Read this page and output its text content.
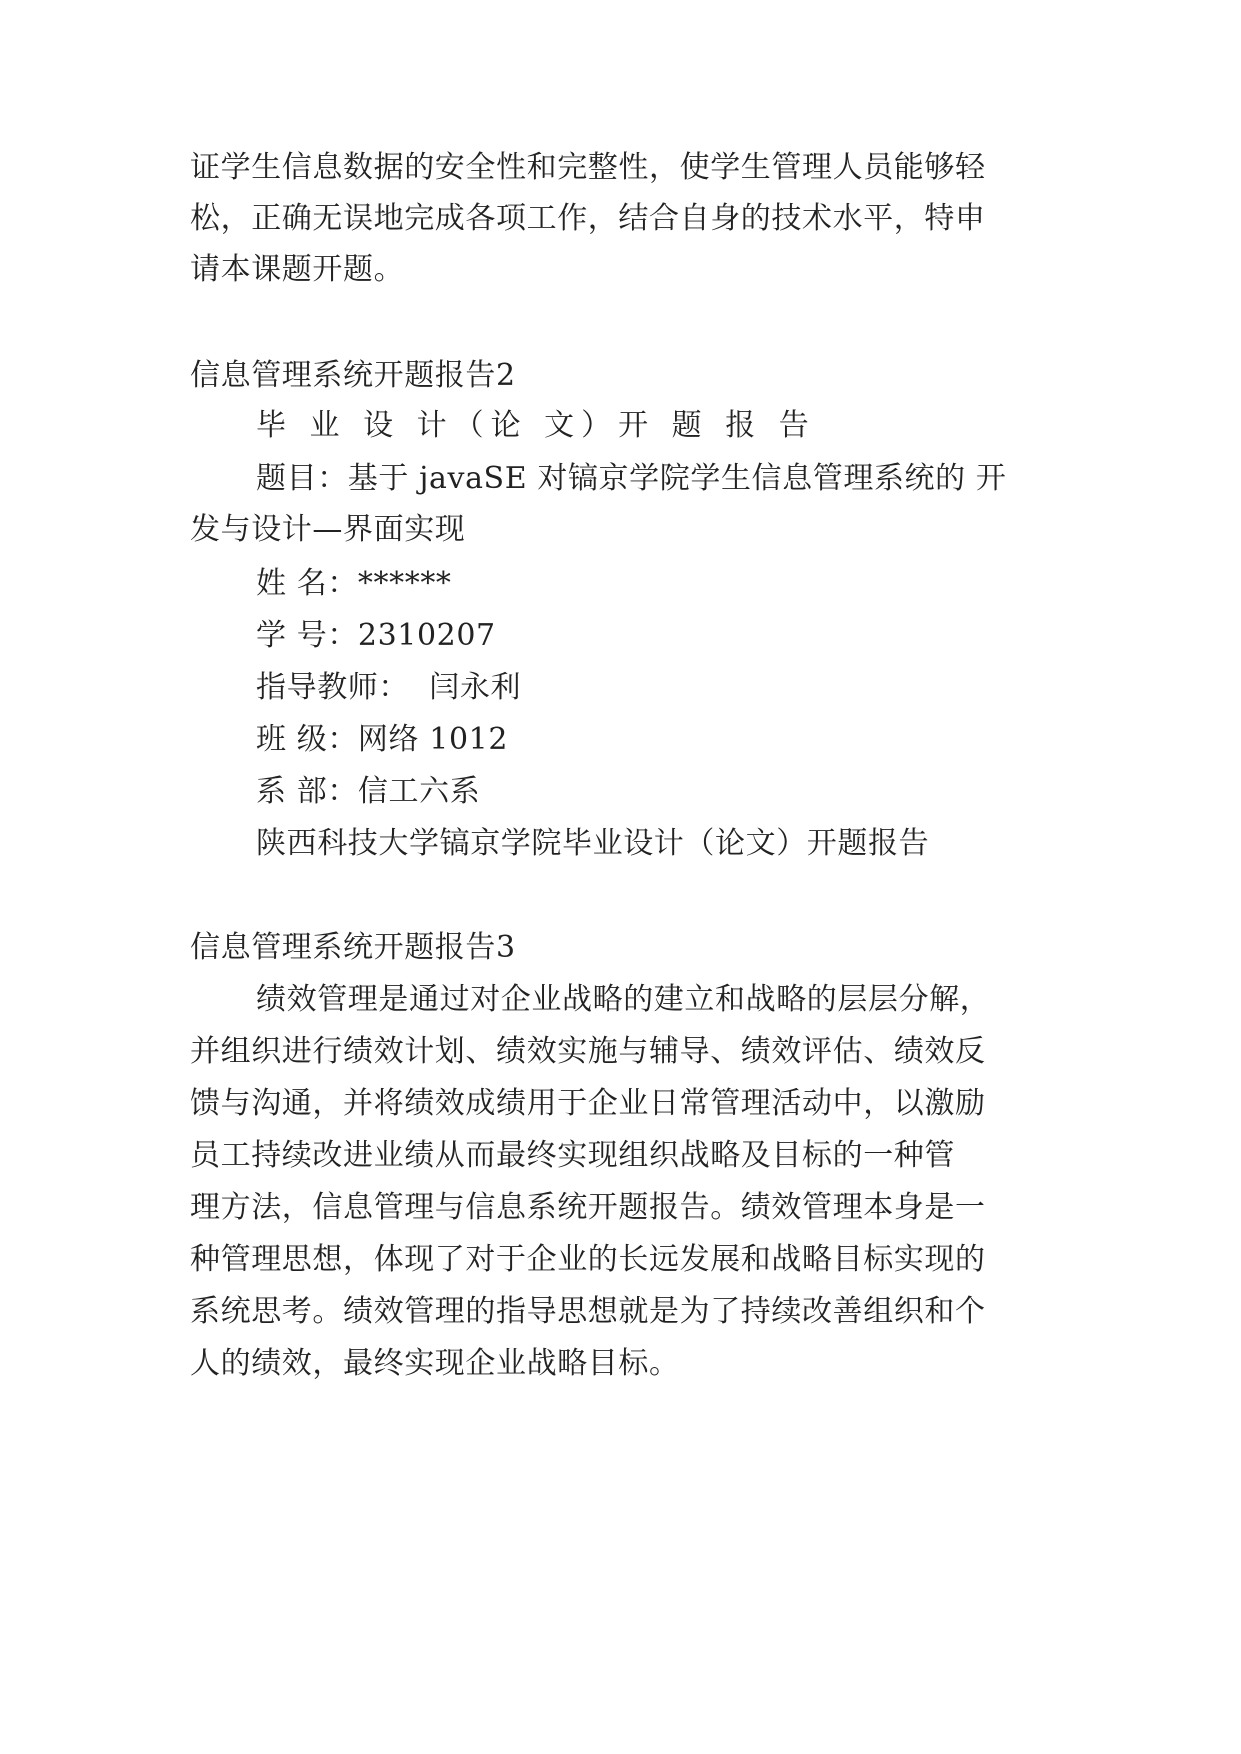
证学生信息数据的安全性和完整性，使学生管理人员能够轻
松，正确无误地完成各项工作，结合自身的技术水平，特申
请本课题开题。
信息管理系统开题报告2
毕 业 设 计（论 文）开 题 报 告
题目：基于 javaSE 对镐京学院学生信息管理系统的 开
发与设计—界面实现
姓 名：******
学 号：2310207
指导教师：  闫永利
班 级：网络 1012
系 部：信工六系
陕西科技大学镐京学院毕业设计（论文）开题报告
信息管理系统开题报告3
绩效管理是通过对企业战略的建立和战略的层层分解，
并组织进行绩效计划、绩效实施与辅导、绩效评估、绩效反
馈与沟通，并将绩效成绩用于企业日常管理活动中，以激励
员工持续改进业绩从而最终实现组织战略及目标的一种管
理方法，信息管理与信息系统开题报告。绩效管理本身是一
种管理思想，体现了对于企业的长远发展和战略目标实现的
系统思考。绩效管理的指导思想就是为了持续改善组织和个
人的绩效，最终实现企业战略目标。
